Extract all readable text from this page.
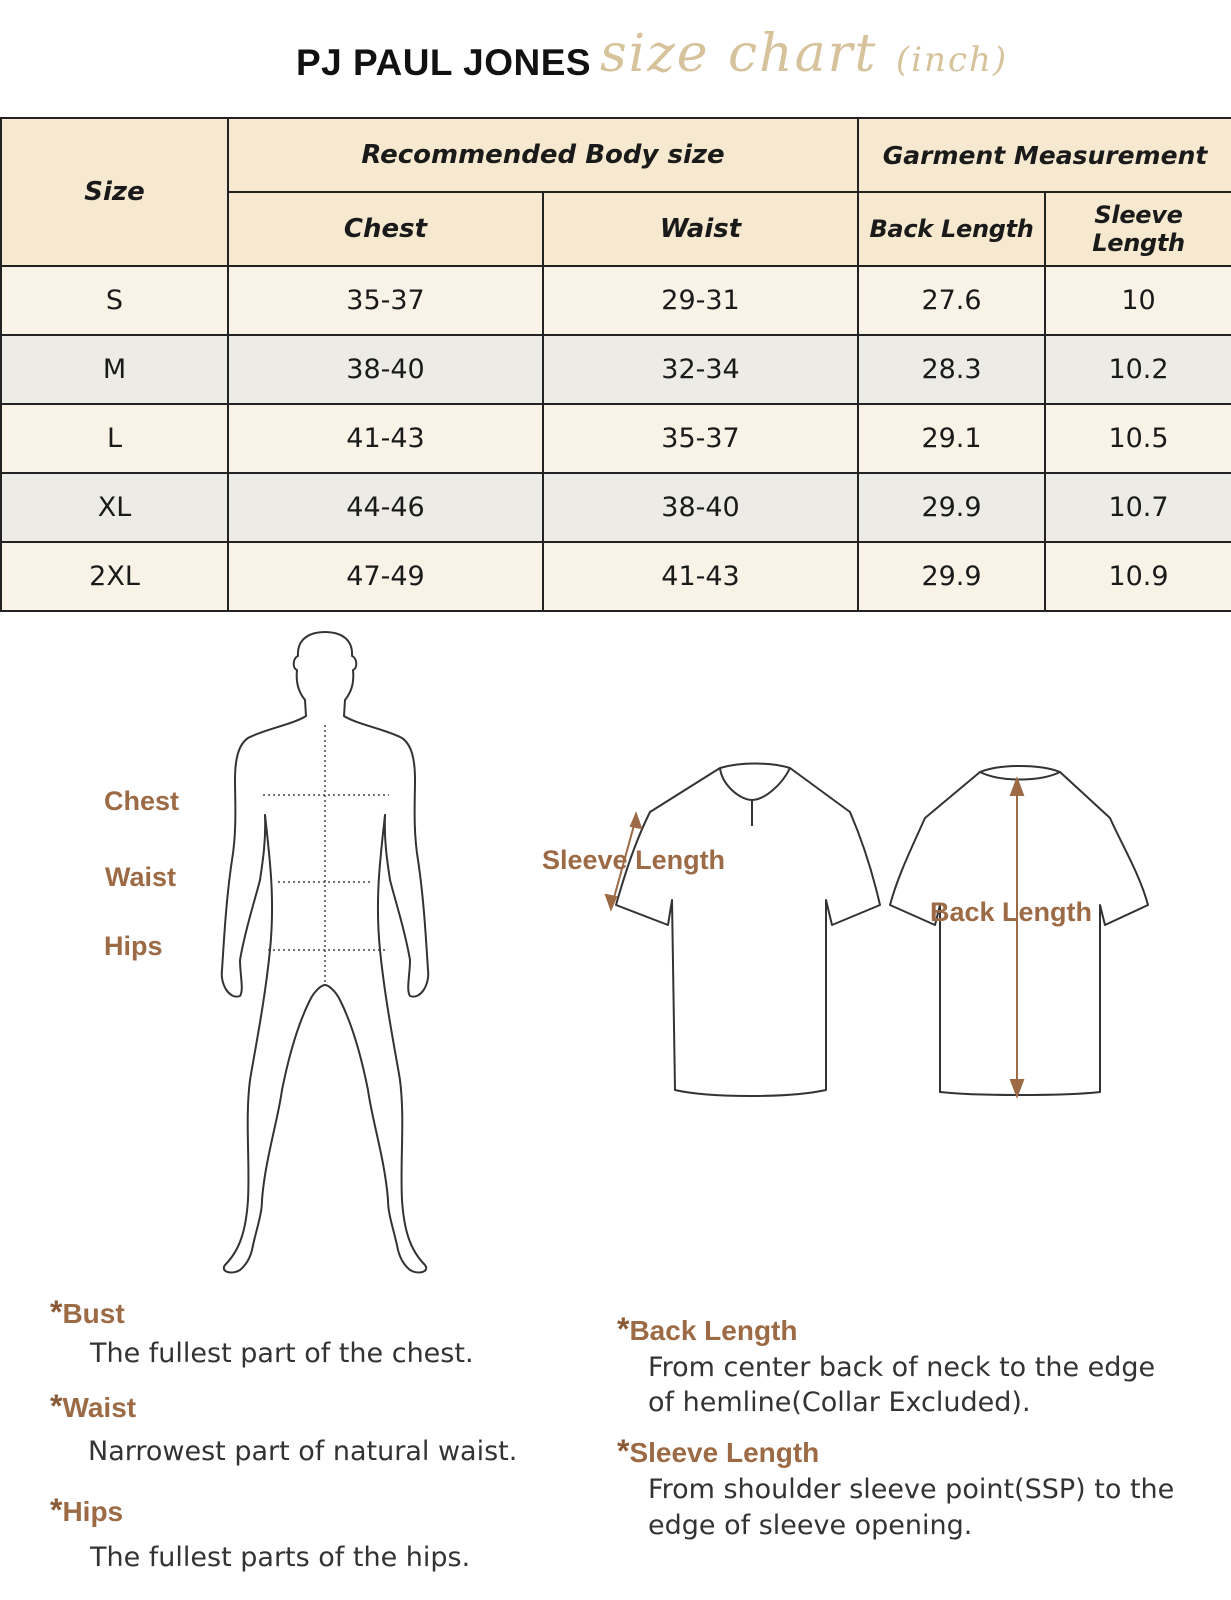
PJ PAUL JONES size chart (inch)
Size	Recommended Body size		Garment Measurement	
	Chest	Waist	Back Length	Sleeve Length
S	35-37	29-31	27.6	10
M	38-40	32-34	28.3	10.2
L	41-43	35-37	29.1	10.5
XL	44-46	38-40	29.9	10.7
2XL	47-49	41-43	29.9	10.9
Chest
Waist
Hips
Sleeve Length
Back Length
*Bust
The fullest part of the chest.
*Waist
Narrowest part of natural waist.
*Hips
The fullest parts of the hips.
*Back Length
From center back of neck to the edge
of hemline(Collar Excluded).
*Sleeve Length
From shoulder sleeve point(SSP) to the
edge of sleeve opening.
